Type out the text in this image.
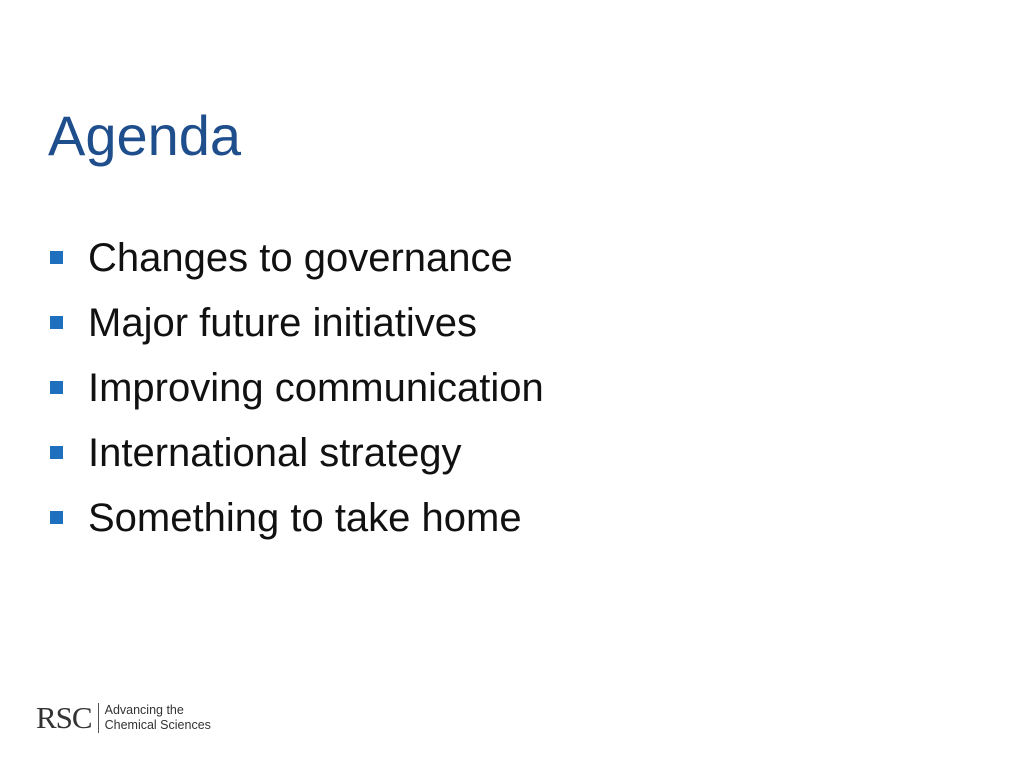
Agenda
Changes to governance
Major future initiatives
Improving communication
International strategy
Something to take home
RSC Advancing the
Chemical Sciences
